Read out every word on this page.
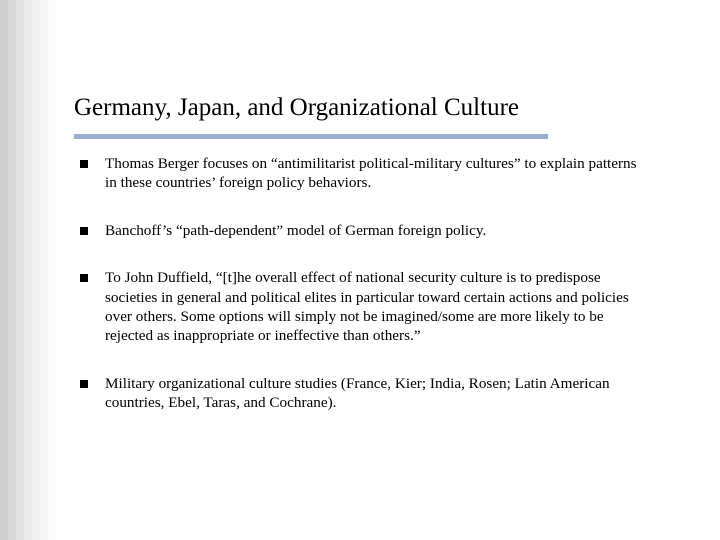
Germany, Japan, and Organizational Culture
Thomas Berger focuses on “antimilitarist political-military cultures” to explain patterns in these countries’ foreign policy behaviors.
Banchoff’s “path-dependent” model of German foreign policy.
To John Duffield, “[t]he overall effect of national security culture is to predispose societies in general and political elites in particular toward certain actions and policies over others. Some options will simply not be imagined/some are more likely to be rejected as inappropriate or ineffective than others.”
Military organizational culture studies (France, Kier; India, Rosen; Latin American countries, Ebel, Taras, and Cochrane).
